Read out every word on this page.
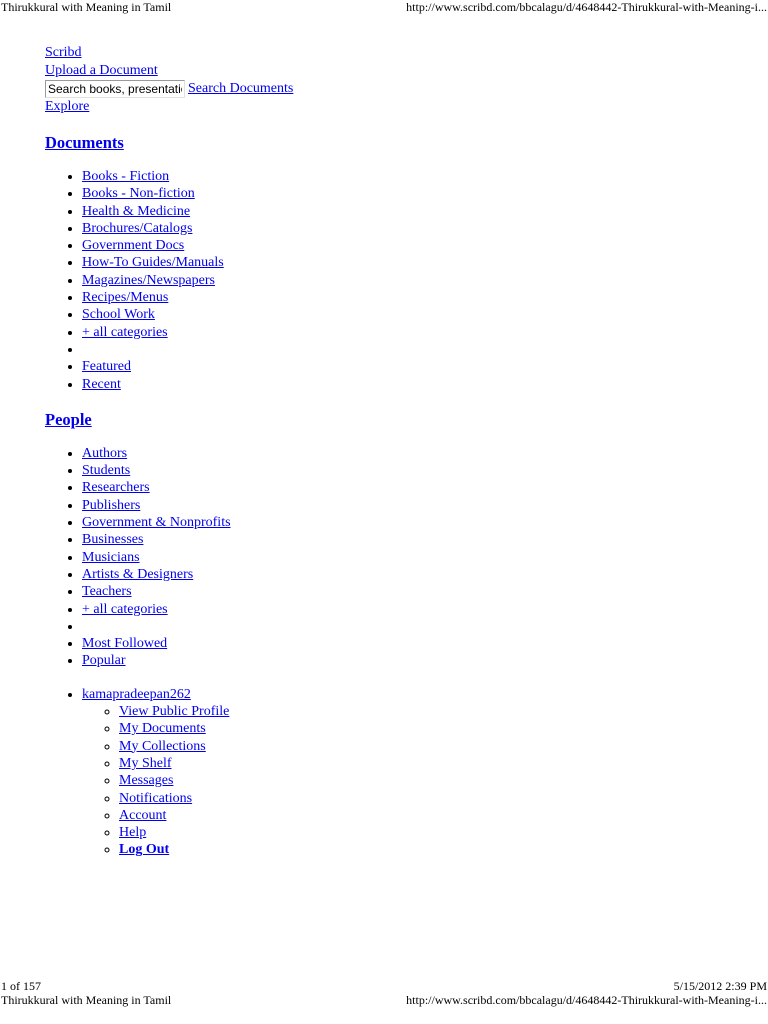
Thirukkural with Meaning in Tamil	http://www.scribd.com/bbcalagu/d/4648442-Thirukkural-with-Meaning-i...
Scribd
Upload a Document
Search books, presentations, business, academics...
Search Documents
Explore
Documents
• Books - Fiction
• Books - Non-fiction
• Health & Medicine
• Brochures/Catalogs
• Government Docs
• How-To Guides/Manuals
• Magazines/Newspapers
• Recipes/Menus
• School Work
• + all categories
•
• Featured
• Recent
People
• Authors
• Students
• Researchers
• Publishers
• Government & Nonprofits
• Businesses
• Musicians
• Artists & Designers
• Teachers
• + all categories
•
• Most Followed
• Popular
• kamapradeepan262
◦ View Public Profile
◦ My Documents
◦ My Collections
◦ My Shelf
◦ Messages
◦ Notifications
◦ Account
◦ Help
◦ Log Out
1 of 157	5/15/2012 2:39 PM
Thirukkural with Meaning in Tamil	http://www.scribd.com/bbcalagu/d/4648442-Thirukkural-with-Meaning-i...
